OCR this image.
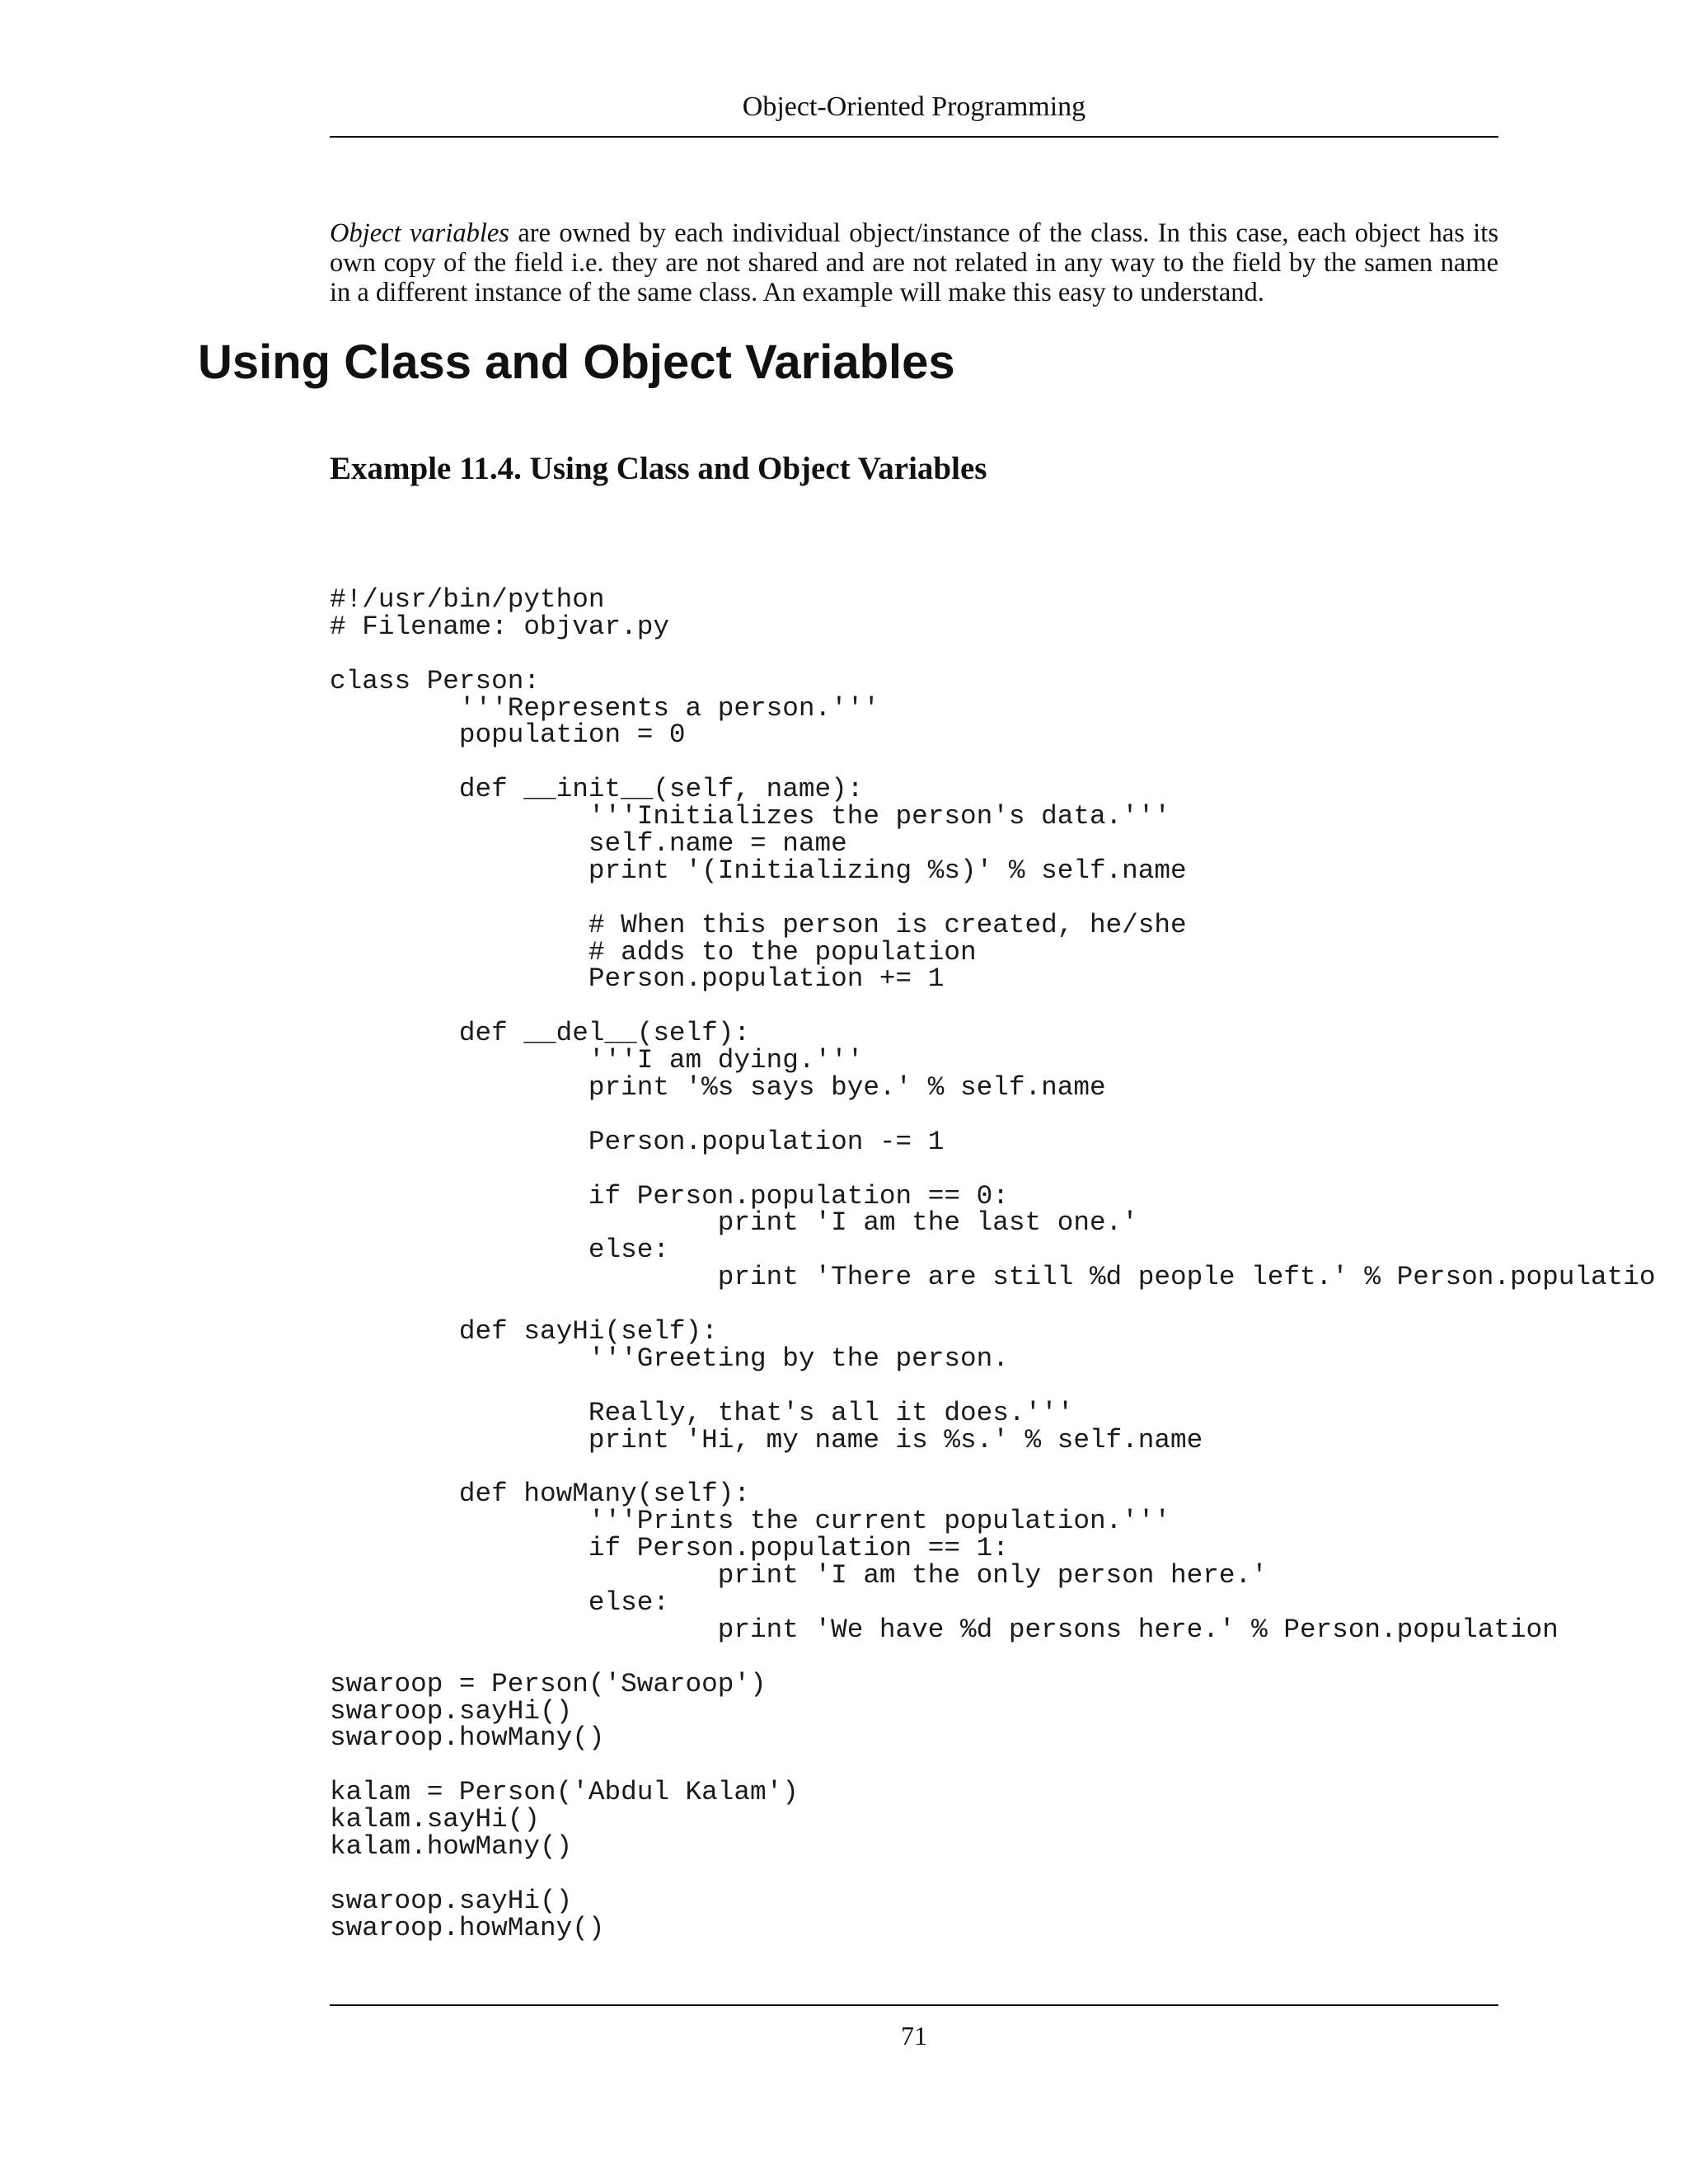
Object-Oriented Programming

Object variables are owned by each individual object/instance of the class. In this case, each object has its own copy of the field i.e. they are not shared and are not related in any way to the field by the samen name in a different instance of the same class. An example will make this easy to understand.

Using Class and Object Variables
Example 11.4. Using Class and Object Variables
#!/usr/bin/python
# Filename: objvar.py
class Person:
'''Represents a person.'''
population = 0
def __init__(self, name):
'''Initializes the person's data.'''
self.name = name
print '(Initializing %s)' % self.name
# When this person is created, he/she
# adds to the population
Person.population += 1
def __del__(self):
'''I am dying.'''
print '%s says bye.' % self.name
Person.population -= 1
if Person.population == 0:
print 'I am the last one.'
else:
print 'There are still %d people left.' % Person.populatio
def sayHi(self):
'''Greeting by the person.
Really, that's all it does.'''
print 'Hi, my name is %s.' % self.name
def howMany(self):
'''Prints the current population.'''
if Person.population == 1:
print 'I am the only person here.'
else:
print 'We have %d persons here.' % Person.population
swaroop = Person('Swaroop')
swaroop.sayHi()
swaroop.howMany()
kalam = Person('Abdul Kalam')
kalam.sayHi()
kalam.howMany()
swaroop.sayHi()
swaroop.howMany()
71
